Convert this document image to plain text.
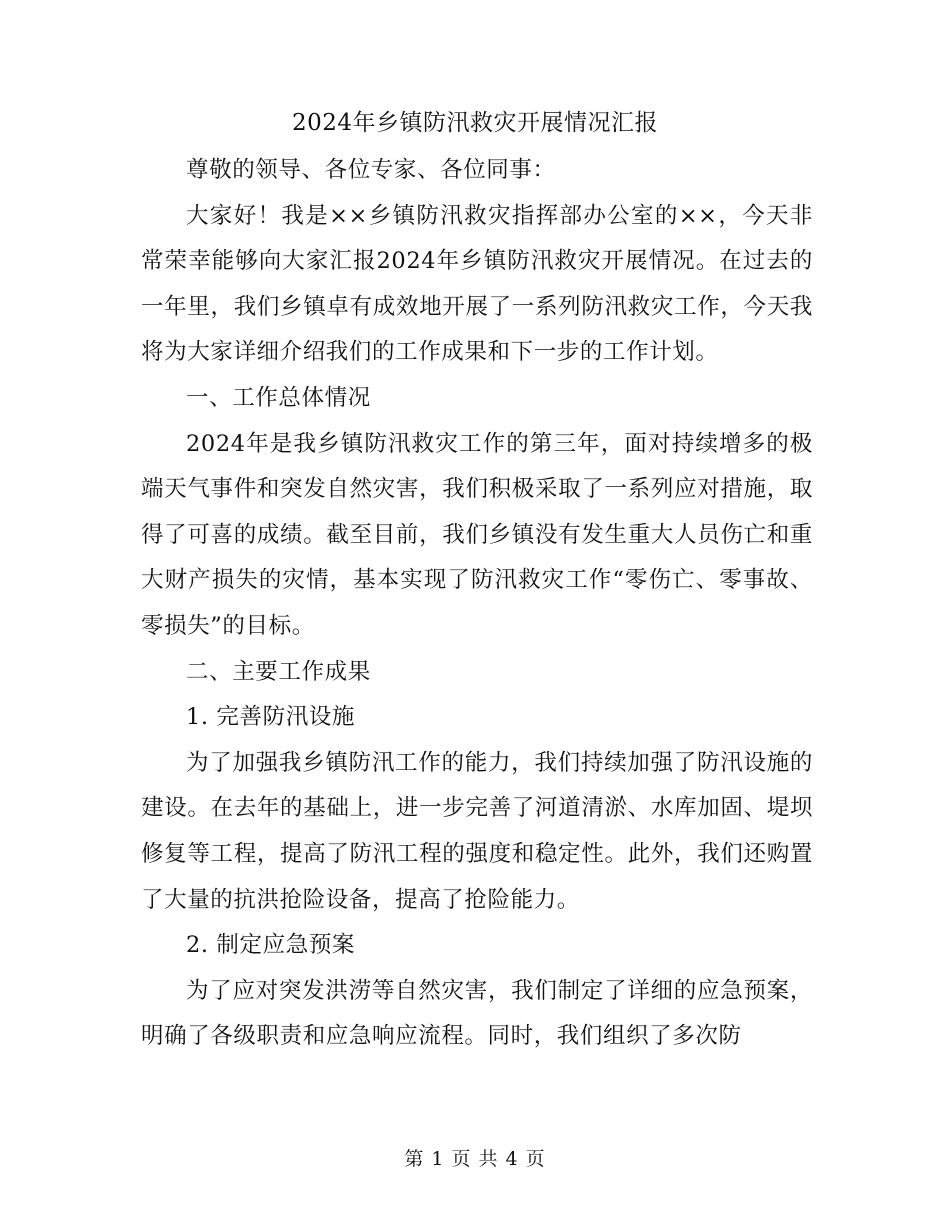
2024年乡镇防汛救灾开展情况汇报

尊敬的领导、各位专家、各位同事：

大家好！我是××乡镇防汛救灾指挥部办公室的××，今天非常荣幸能够向大家汇报2024年乡镇防汛救灾开展情况。在过去的一年里，我们乡镇卓有成效地开展了一系列防汛救灾工作，今天我将为大家详细介绍我们的工作成果和下一步的工作计划。

一、工作总体情况

2024年是我乡镇防汛救灾工作的第三年，面对持续增多的极端天气事件和突发自然灾害，我们积极采取了一系列应对措施，取得了可喜的成绩。截至目前，我们乡镇没有发生重大人员伤亡和重大财产损失的灾情，基本实现了防汛救灾工作“零伤亡、零事故、零损失”的目标。

二、主要工作成果

1. 完善防汛设施

为了加强我乡镇防汛工作的能力，我们持续加强了防汛设施的建设。在去年的基础上，进一步完善了河道清淤、水库加固、堤坝修复等工程，提高了防汛工程的强度和稳定性。此外，我们还购置了大量的抗洪抢险设备，提高了抢险能力。

2. 制定应急预案

为了应对突发洪涝等自然灾害，我们制定了详细的应急预案，明确了各级职责和应急响应流程。同时，我们组织了多次防

第 1 页 共 4 页
